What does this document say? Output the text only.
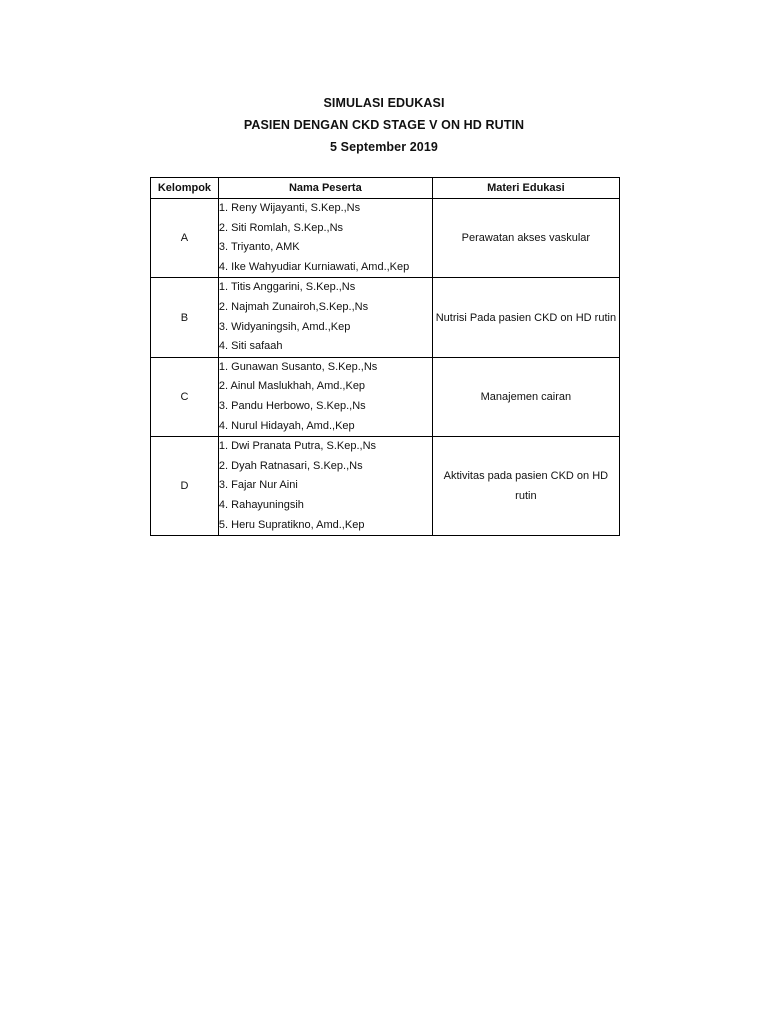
SIMULASI EDUKASI
PASIEN DENGAN CKD STAGE V ON HD RUTIN
5 September 2019
Kelompok	Nama Peserta	Materi Edukasi
A	1. Reny Wijayanti, S.Kep.,Ns
2. Siti Romlah, S.Kep.,Ns
3. Triyanto, AMK
4. Ike Wahyudiar Kurniawati, Amd.,Kep	Perawatan akses vaskular
B	1. Titis Anggarini, S.Kep.,Ns
2. Najmah Zunairoh,S.Kep.,Ns
3. Widyaningsih, Amd.,Kep
4. Siti safaah	Nutrisi Pada pasien CKD on HD rutin
C	1. Gunawan Susanto, S.Kep.,Ns
2. Ainul Maslukhah, Amd.,Kep
3. Pandu Herbowo, S.Kep.,Ns
4. Nurul Hidayah, Amd.,Kep	Manajemen cairan
D	1. Dwi Pranata Putra, S.Kep.,Ns
2. Dyah Ratnasari, S.Kep.,Ns
3. Fajar Nur Aini
4. Rahayuningsih
5. Heru Supratikno, Amd.,Kep	Aktivitas pada pasien CKD on HD rutin
